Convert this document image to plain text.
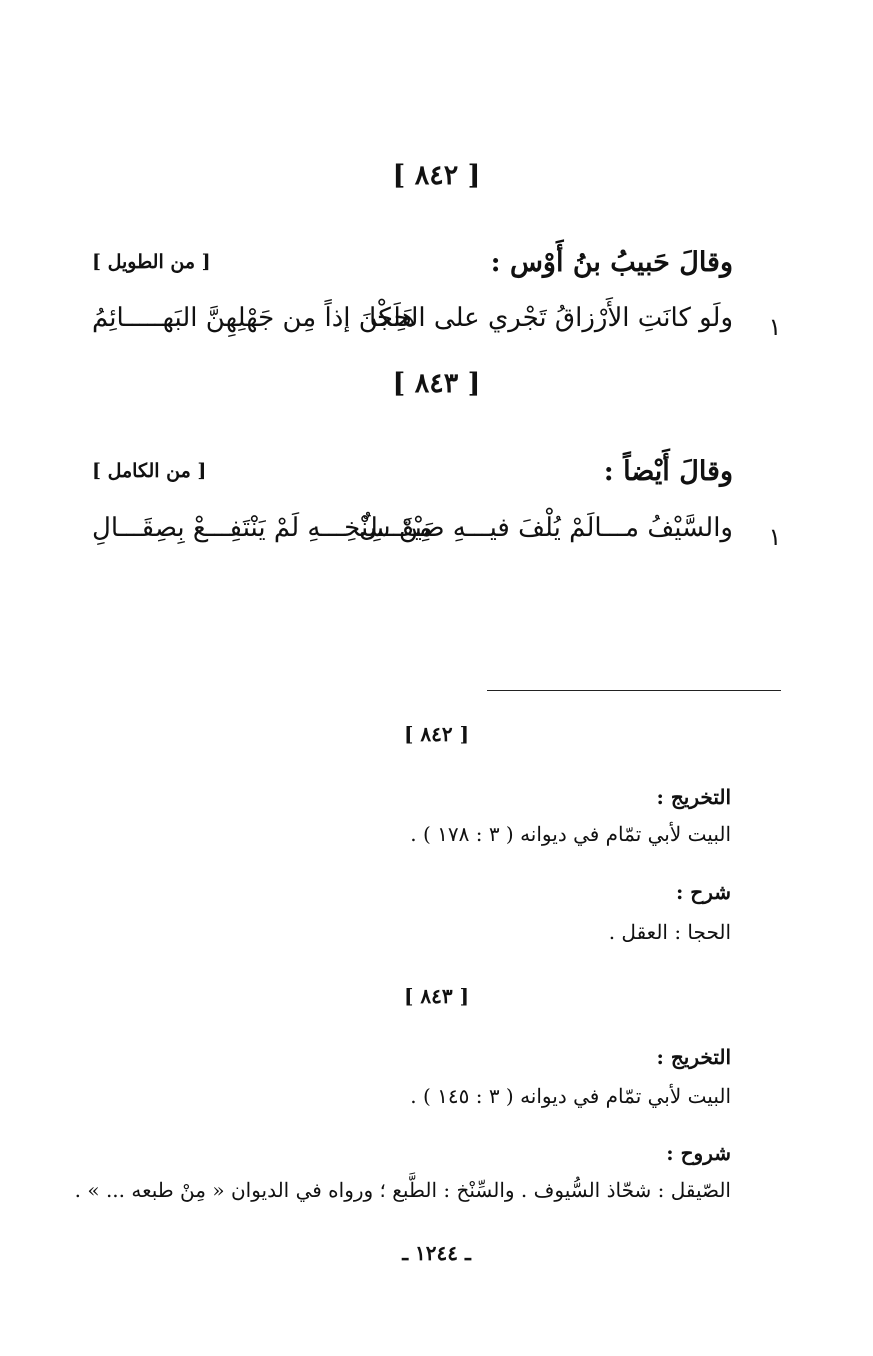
[ ٨٤٢ ]
وقالَ حَبيبُ بنُ أَوْس :
[ من الطويل ]
١
ولَو كانَتِ الأَرْزاقُ تَجْري على الحِجا
هَلَكْنَ إذاً مِن جَهْلِهِنَّ البَهـــــائِمُ
[ ٨٤٣ ]
وقالَ أَيْضاً :
[ من الكامل ]
١
والسَّيْفُ مـــالَمْ يُلْفَ فيـــهِ صَيْقَـــلٌ
مِنْ سِنْخِـــهِ لَمْ يَنْتَفِـــعْ بِصِقَـــالِ
[ ٨٤٢ ]
التخريج :
البيت لأبي تمّام في ديوانه ( ٣ : ١٧٨ ) .
شرح :
الحجا : العقل .
[ ٨٤٣ ]
التخريج :
البيت لأبي تمّام في ديوانه ( ٣ : ١٤٥ ) .
شروح :
الصّيقل : شحّاذ السُّيوف . والسِّنْخ : الطَّبع ؛ ورواه في الديوان « مِنْ طبعه ... » .
ـ ١٢٤٤ ـ
